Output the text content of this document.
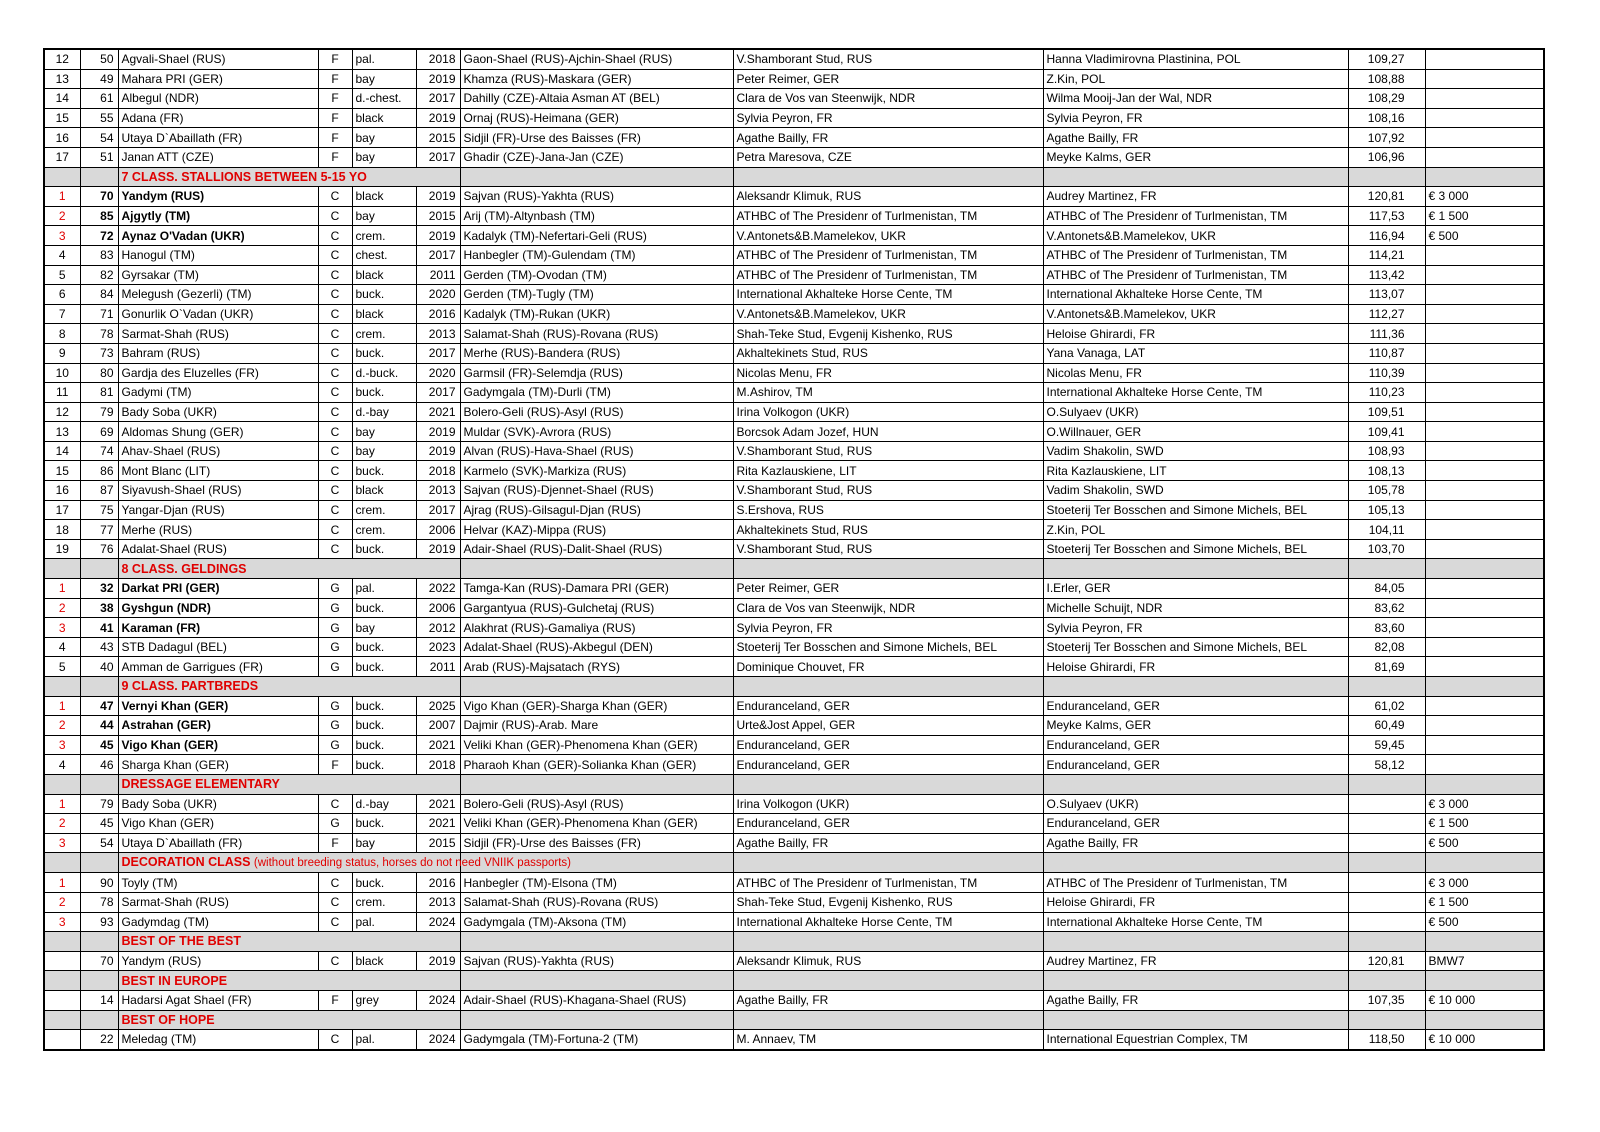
12	50	Agvali-Shael (RUS)	F	pal.	2018	Gaon-Shael (RUS)-Ajchin-Shael (RUS)	V.Shamborant Stud, RUS	Hanna Vladimirovna Plastinina, POL	109,27	
13	49	Mahara PRI (GER)	F	bay	2019	Khamza (RUS)-Maskara (GER)	Peter Reimer, GER	Z.Kin, POL	108,88	
14	61	Albegul (NDR)	F	d.-chest.	2017	Dahilly (CZE)-Altaia Asman AT (BEL)	Clara de Vos van Steenwijk, NDR	Wilma Mooij-Jan der Wal, NDR	108,29	
15	55	Adana (FR)	F	black	2019	Ornaj (RUS)-Heimana (GER)	Sylvia Peyron, FR	Sylvia Peyron, FR	108,16	
16	54	Utaya D`Abaillath (FR)	F	bay	2015	Sidjil (FR)-Urse des Baisses (FR)	Agathe Bailly, FR	Agathe Bailly, FR	107,92	
17	51	Janan ATT (CZE)	F	bay	2017	Ghadir (CZE)-Jana-Jan (CZE)	Petra Maresova, CZE	Meyke Kalms, GER	106,96	
		7 CLASS. STALLIONS BETWEEN 5-15 YO								
1	70	Yandym (RUS)	C	black	2019	Sajvan (RUS)-Yakhta (RUS)	Aleksandr Klimuk, RUS	Audrey Martinez, FR	120,81	€ 3 000
2	85	Ajgytly (TM)	C	bay	2015	Arij (TM)-Altynbash (TM)	ATHBC of The Presidenr of Turlmenistan, TM	ATHBC of The Presidenr of Turlmenistan, TM	117,53	€ 1 500
3	72	Aynaz O'Vadan (UKR)	C	crem.	2019	Kadalyk (TM)-Nefertari-Geli (RUS)	V.Antonets&B.Mamelekov, UKR	V.Antonets&B.Mamelekov, UKR	116,94	€ 500
4	83	Hanogul (TM)	C	chest.	2017	Hanbegler (TM)-Gulendam (TM)	ATHBC of The Presidenr of Turlmenistan, TM	ATHBC of The Presidenr of Turlmenistan, TM	114,21	
5	82	Gyrsakar (TM)	C	black	2011	Gerden (TM)-Ovodan (TM)	ATHBC of The Presidenr of Turlmenistan, TM	ATHBC of The Presidenr of Turlmenistan, TM	113,42	
6	84	Melegush (Gezerli) (TM)	C	buck.	2020	Gerden (TM)-Tugly (TM)	International Akhalteke Horse Cente, TM	International Akhalteke Horse Cente, TM	113,07	
7	71	Gonurlik O`Vadan (UKR)	C	black	2016	Kadalyk (TM)-Rukan (UKR)	V.Antonets&B.Mamelekov, UKR	V.Antonets&B.Mamelekov, UKR	112,27	
8	78	Sarmat-Shah (RUS)	C	crem.	2013	Salamat-Shah (RUS)-Rovana (RUS)	Shah-Teke Stud, Evgenij Kishenko, RUS	Heloise Ghirardi, FR	111,36	
9	73	Bahram (RUS)	C	buck.	2017	Merhe (RUS)-Bandera (RUS)	Akhaltekinets Stud, RUS	Yana Vanaga, LAT	110,87	
10	80	Gardja des Eluzelles (FR)	C	d.-buck.	2020	Garmsil (FR)-Selemdja (RUS)	Nicolas Menu, FR	Nicolas Menu, FR	110,39	
11	81	Gadymi (TM)	C	buck.	2017	Gadymgala (TM)-Durli (TM)	M.Ashirov, TM	International Akhalteke Horse Cente, TM	110,23	
12	79	Bady Soba (UKR)	C	d.-bay	2021	Bolero-Geli (RUS)-Asyl (RUS)	Irina Volkogon (UKR)	O.Sulyaev (UKR)	109,51	
13	69	Aldomas Shung (GER)	C	bay	2019	Muldar (SVK)-Avrora (RUS)	Borcsok Adam Jozef, HUN	O.Willnauer, GER	109,41	
14	74	Ahav-Shael (RUS)	C	bay	2019	Alvan (RUS)-Hava-Shael (RUS)	V.Shamborant Stud, RUS	Vadim Shakolin, SWD	108,93	
15	86	Mont Blanc (LIT)	C	buck.	2018	Karmelo (SVK)-Markiza (RUS)	Rita Kazlauskiene, LIT	Rita Kazlauskiene, LIT	108,13	
16	87	Siyavush-Shael (RUS)	C	black	2013	Sajvan (RUS)-Djennet-Shael (RUS)	V.Shamborant Stud, RUS	Vadim Shakolin, SWD	105,78	
17	75	Yangar-Djan (RUS)	C	crem.	2017	Ajrag (RUS)-Gilsagul-Djan (RUS)	S.Ershova, RUS	Stoeterij Ter Bosschen and Simone Michels, BEL	105,13	
18	77	Merhe (RUS)	C	crem.	2006	Helvar (KAZ)-Mippa (RUS)	Akhaltekinets Stud, RUS	Z.Kin, POL	104,11	
19	76	Adalat-Shael (RUS)	C	buck.	2019	Adair-Shael (RUS)-Dalit-Shael (RUS)	V.Shamborant Stud, RUS	Stoeterij Ter Bosschen and Simone Michels, BEL	103,70	
		8 CLASS. GELDINGS								
1	32	Darkat PRI (GER)	G	pal.	2022	Tamga-Kan (RUS)-Damara PRI (GER)	Peter Reimer, GER	I.Erler, GER	84,05	
2	38	Gyshgun (NDR)	G	buck.	2006	Gargantyua (RUS)-Gulchetaj (RUS)	Clara de Vos van Steenwijk, NDR	Michelle Schuijt, NDR	83,62	
3	41	Karaman (FR)	G	bay	2012	Alakhrat (RUS)-Gamaliya (RUS)	Sylvia Peyron, FR	Sylvia Peyron, FR	83,60	
4	43	STB Dadagul (BEL)	G	buck.	2023	Adalat-Shael (RUS)-Akbegul (DEN)	Stoeterij Ter Bosschen and Simone Michels, BEL	Stoeterij Ter Bosschen and Simone Michels, BEL	82,08	
5	40	Amman de Garrigues (FR)	G	buck.	2011	Arab (RUS)-Majsatach (RYS)	Dominique Chouvet, FR	Heloise Ghirardi, FR	81,69	
		9 CLASS. PARTBREDS								
1	47	Vernyi Khan (GER)	G	buck.	2025	Vigo Khan (GER)-Sharga Khan (GER)	Enduranceland, GER	Enduranceland, GER	61,02	
2	44	Astrahan (GER)	G	buck.	2007	Dajmir (RUS)-Arab. Mare	Urte&Jost Appel, GER	Meyke Kalms, GER	60,49	
3	45	Vigo Khan (GER)	G	buck.	2021	Veliki Khan (GER)-Phenomena Khan (GER)	Enduranceland, GER	Enduranceland, GER	59,45	
4	46	Sharga Khan (GER)	F	buck.	2018	Pharaoh Khan (GER)-Solianka Khan (GER)	Enduranceland, GER	Enduranceland, GER	58,12	
		DRESSAGE ELEMENTARY								
1	79	Bady Soba (UKR)	C	d.-bay	2021	Bolero-Geli (RUS)-Asyl (RUS)	Irina Volkogon (UKR)	O.Sulyaev (UKR)		€ 3 000
2	45	Vigo Khan (GER)	G	buck.	2021	Veliki Khan (GER)-Phenomena Khan (GER)	Enduranceland, GER	Enduranceland, GER		€ 1 500
3	54	Utaya D`Abaillath (FR)	F	bay	2015	Sidjil (FR)-Urse des Baisses (FR)	Agathe Bailly, FR	Agathe Bailly, FR		€ 500
		DECORATION CLASS (without breeding status, horses do not need VNIIK passports)								
1	90	Toyly (TM)	C	buck.	2016	Hanbegler (TM)-Elsona (TM)	ATHBC of The Presidenr of Turlmenistan, TM	ATHBC of The Presidenr of Turlmenistan, TM		€ 3 000
2	78	Sarmat-Shah (RUS)	C	crem.	2013	Salamat-Shah (RUS)-Rovana (RUS)	Shah-Teke Stud, Evgenij Kishenko, RUS	Heloise Ghirardi, FR		€ 1 500
3	93	Gadymdag (TM)	C	pal.	2024	Gadymgala (TM)-Aksona (TM)	International Akhalteke Horse Cente, TM	International Akhalteke Horse Cente, TM		€ 500
		BEST OF THE BEST								
	70	Yandym (RUS)	C	black	2019	Sajvan (RUS)-Yakhta (RUS)	Aleksandr Klimuk, RUS	Audrey Martinez, FR	120,81	BMW7
		BEST IN EUROPE								
	14	Hadarsi Agat Shael (FR)	F	grey	2024	Adair-Shael (RUS)-Khagana-Shael (RUS)	Agathe Bailly, FR	Agathe Bailly, FR	107,35	€ 10 000
		BEST OF HOPE								
	22	Meledag (TM)	C	pal.	2024	Gadymgala (TM)-Fortuna-2 (TM)	M. Annaev, TM	International Equestrian Complex, TM	118,50	€ 10 000
